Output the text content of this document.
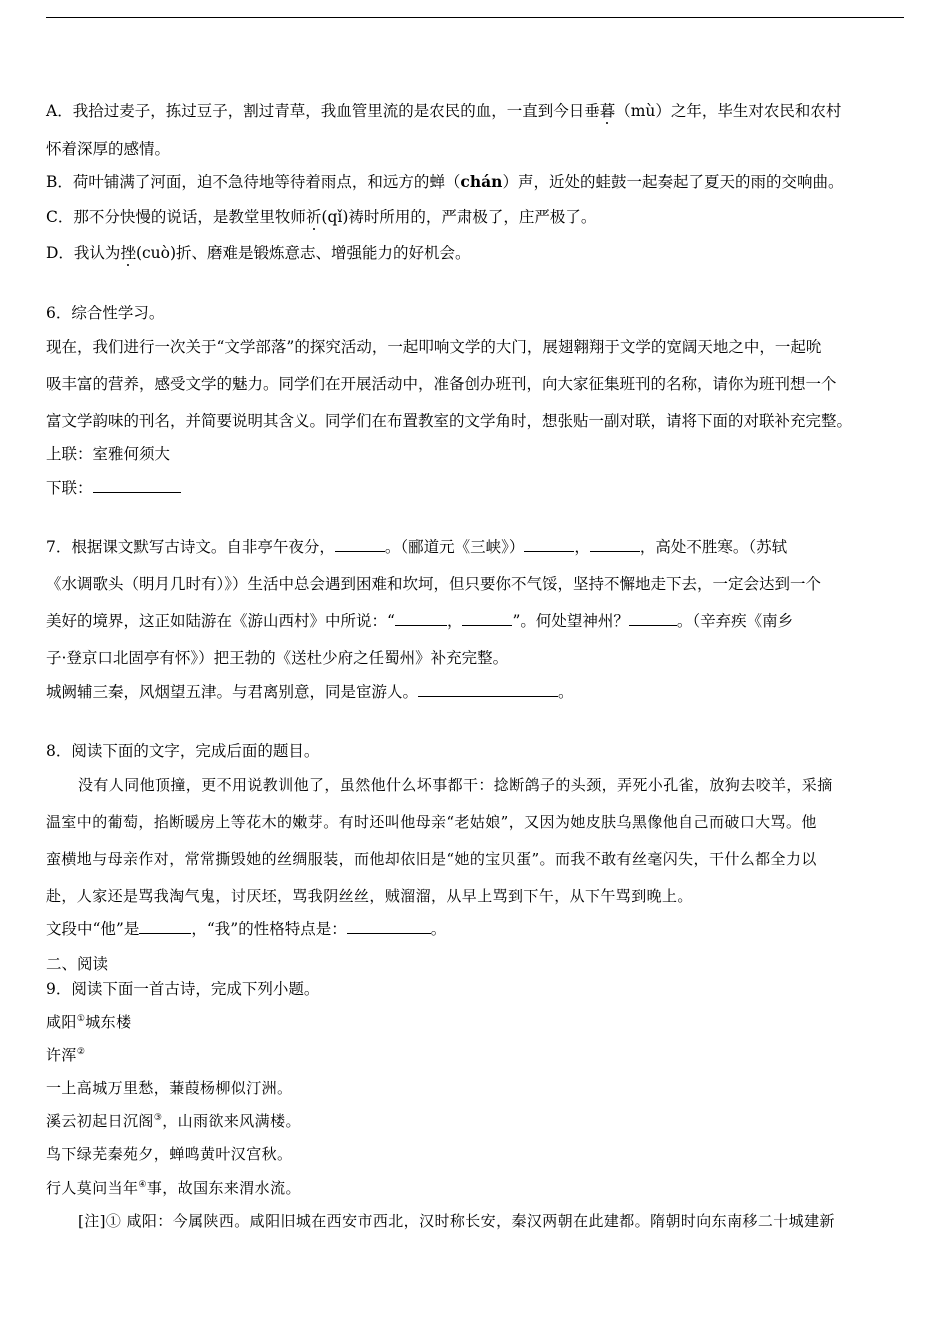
A．我拾过麦子，拣过豆子，割过青草，我血管里流的是农民的血，一直到今日垂暮（mù）之年，毕生对农民和农村
怀着深厚的感情。
B．荷叶铺满了河面，迫不急待地等待着雨点，和远方的蝉（chán）声，近处的蛙鼓一起奏起了夏天的雨的交响曲。
C．那不分快慢的说话，是教堂里牧师祈(qǐ)祷时所用的，严肃极了，庄严极了。
D．我认为挫(cuò)折、磨难是锻炼意志、增强能力的好机会。
6．综合性学习。
现在，我们进行一次关于“文学部落”的探究活动，一起叩响文学的大门，展翅翱翔于文学的宽阔天地之中，一起吮
吸丰富的营养，感受文学的魅力。同学们在开展活动中，准备创办班刊，向大家征集班刊的名称，请你为班刊想一个
富文学韵味的刊名，并简要说明其含义。同学们在布置教室的文学角时，想张贴一副对联，请将下面的对联补充完整。
上联：室雅何须大
下联：
7．根据课文默写古诗文。自非亭午夜分，	。（郦道元《三峡》）	，	，高处不胜寒。（苏轼
《水调歌头（明月几时有）》）生活中总会遇到困难和坎坷，但只要你不气馁，坚持不懈地走下去，一定会达到一个
美好的境界，这正如陆游在《游山西村》中所说：“	，	”。何处望神州？	。（辛弃疾《南乡
子·登京口北固亭有怀》）把王勃的《送杜少府之任蜀州》补充完整。
城阙辅三秦，风烟望五津。与君离别意，同是宦游人。	。
8．阅读下面的文字，完成后面的题目。
没有人同他顶撞，更不用说教训他了，虽然他什么坏事都干：捻断鸽子的头颈，弄死小孔雀，放狗去咬羊，采摘
温室中的葡萄，掐断暖房上等花木的嫩芽。有时还叫他母亲“老姑娘”，又因为她皮肤乌黑像他自己而破口大骂。他
蛮横地与母亲作对，常常撕毁她的丝绸服装，而他却依旧是“她的宝贝蛋”。而我不敢有丝毫闪失，干什么都全力以
赴，人家还是骂我淘气鬼，讨厌坯，骂我阴丝丝，贼溜溜，从早上骂到下午，从下午骂到晚上。
文段中“他”是	，“我”的性格特点是：	。
二、阅读
9．阅读下面一首古诗，完成下列小题。
咸阳①城东楼
许浑②
一上高城万里愁，蒹葭杨柳似汀洲。
溪云初起日沉阁③，山雨欲来风满楼。
鸟下绿芜秦苑夕，蝉鸣黄叶汉宫秋。
行人莫问当年④事，故国东来渭水流。
[注]① 咸阳：今属陕西。咸阳旧城在西安市西北，汉时称长安，秦汉两朝在此建都。隋朝时向东南移二十城建新
